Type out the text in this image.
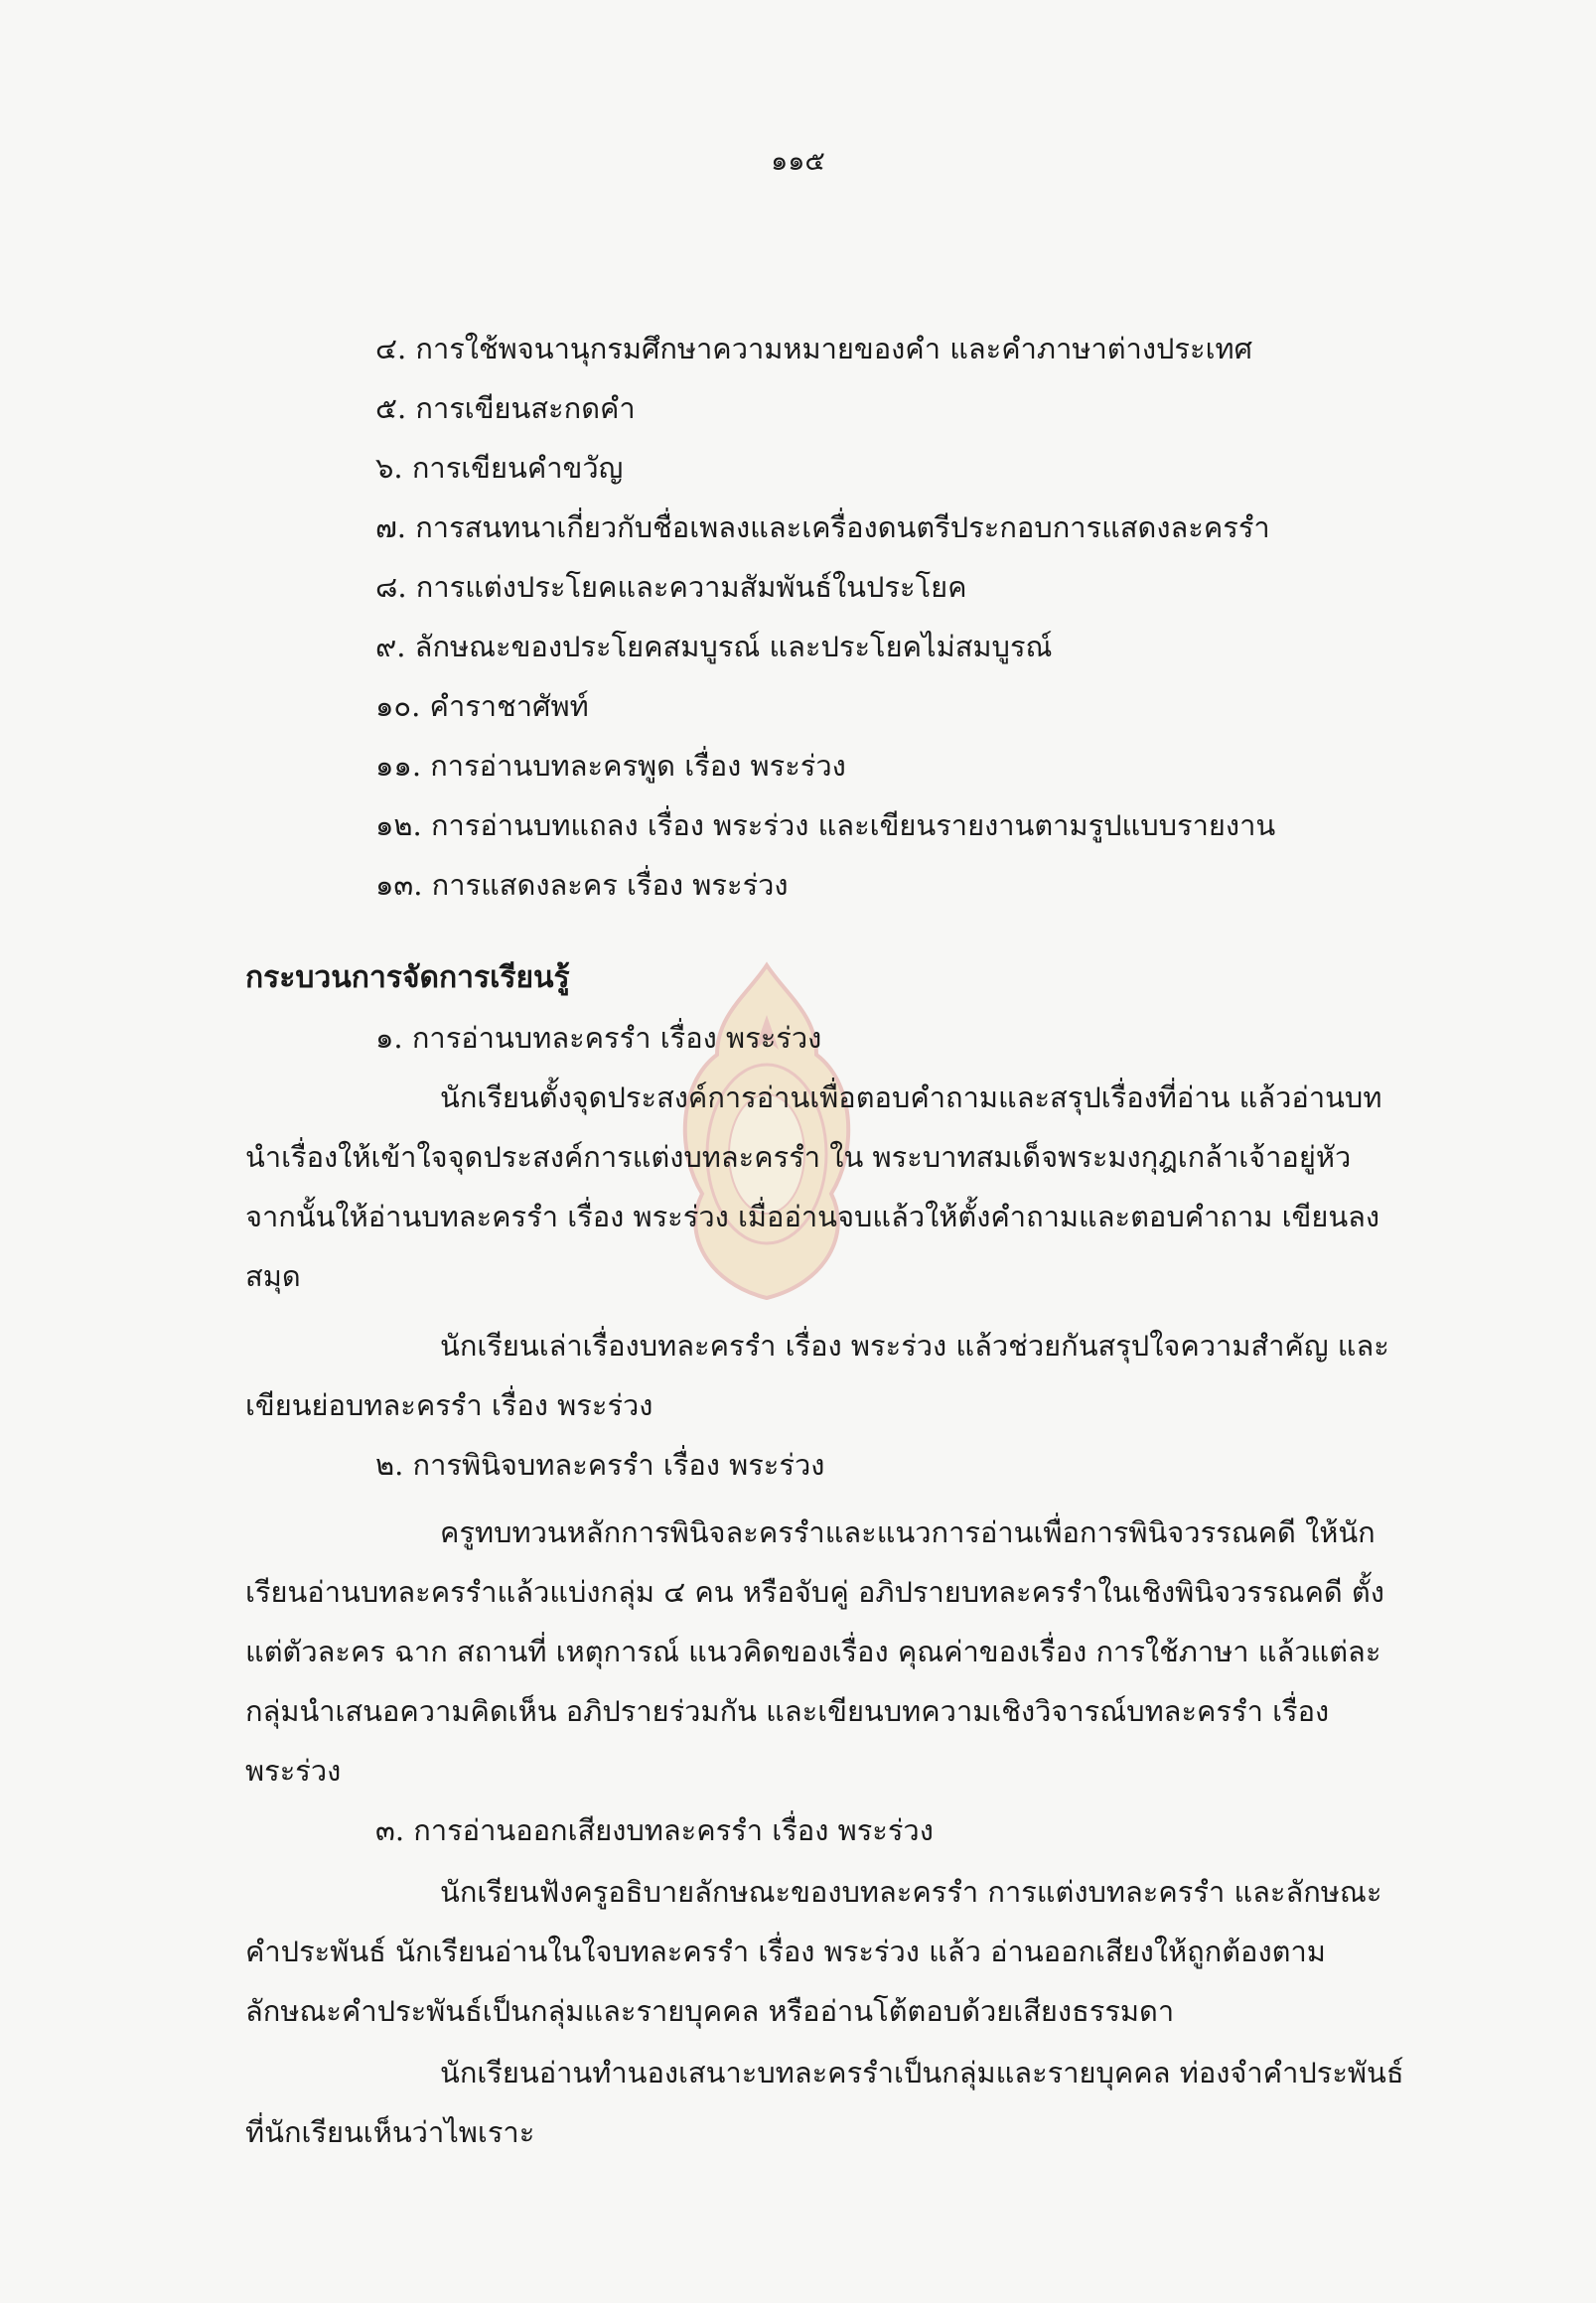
๑๑๕
๔. การใช้พจนานุกรมศึกษาความหมายของคำ และคำภาษาต่างประเทศ
๕. การเขียนสะกดคำ
๖. การเขียนคำขวัญ
๗. การสนทนาเกี่ยวกับชื่อเพลงและเครื่องดนตรีประกอบการแสดงละครรำ
๘. การแต่งประโยคและความสัมพันธ์ในประโยค
๙. ลักษณะของประโยคสมบูรณ์ และประโยคไม่สมบูรณ์
๑๐. คำราชาศัพท์
๑๑. การอ่านบทละครพูด เรื่อง พระร่วง
๑๒. การอ่านบทแถลง เรื่อง พระร่วง และเขียนรายงานตามรูปแบบรายงาน
๑๓. การแสดงละคร เรื่อง พระร่วง
กระบวนการจัดการเรียนรู้
๑. การอ่านบทละครรำ เรื่อง พระร่วง
นักเรียนตั้งจุดประสงค์การอ่านเพื่อตอบคำถามและสรุปเรื่องที่อ่าน แล้วอ่านบท
นำเรื่องให้เข้าใจจุดประสงค์การแต่งบทละครรำ ใน พระบาทสมเด็จพระมงกุฎเกล้าเจ้าอยู่หัว
จากนั้นให้อ่านบทละครรำ เรื่อง พระร่วง เมื่ออ่านจบแล้วให้ตั้งคำถามและตอบคำถาม เขียนลง
สมุด
นักเรียนเล่าเรื่องบทละครรำ เรื่อง พระร่วง แล้วช่วยกันสรุปใจความสำคัญ และ
เขียนย่อบทละครรำ เรื่อง พระร่วง
๒. การพินิจบทละครรำ เรื่อง พระร่วง
ครูทบทวนหลักการพินิจละครรำและแนวการอ่านเพื่อการพินิจวรรณคดี ให้นัก
เรียนอ่านบทละครรำแล้วแบ่งกลุ่ม ๔ คน หรือจับคู่ อภิปรายบทละครรำในเชิงพินิจวรรณคดี ตั้ง
แต่ตัวละคร ฉาก สถานที่ เหตุการณ์ แนวคิดของเรื่อง คุณค่าของเรื่อง การใช้ภาษา แล้วแต่ละ
กลุ่มนำเสนอความคิดเห็น อภิปรายร่วมกัน และเขียนบทความเชิงวิจารณ์บทละครรำ เรื่อง
พระร่วง
๓. การอ่านออกเสียงบทละครรำ เรื่อง พระร่วง
นักเรียนฟังครูอธิบายลักษณะของบทละครรำ การแต่งบทละครรำ และลักษณะ
คำประพันธ์ นักเรียนอ่านในใจบทละครรำ เรื่อง พระร่วง แล้ว อ่านออกเสียงให้ถูกต้องตาม
ลักษณะคำประพันธ์เป็นกลุ่มและรายบุคคล หรืออ่านโต้ตอบด้วยเสียงธรรมดา
นักเรียนอ่านทำนองเสนาะบทละครรำเป็นกลุ่มและรายบุคคล ท่องจำคำประพันธ์
ที่นักเรียนเห็นว่าไพเราะ
